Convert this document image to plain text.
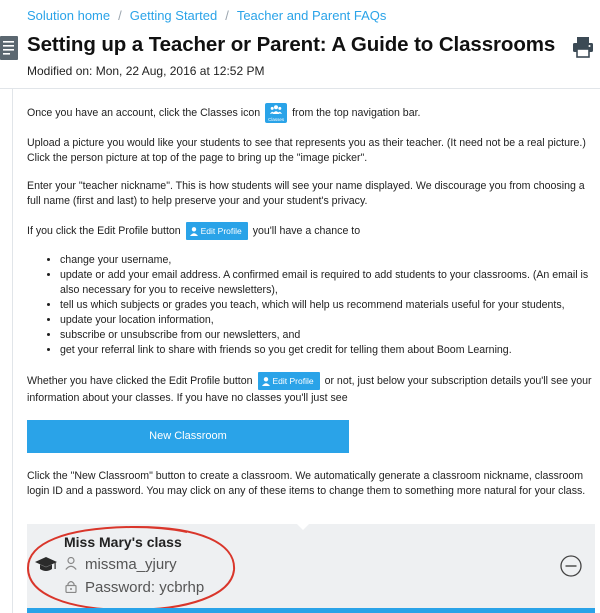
Solution home / Getting Started / Teacher and Parent FAQs
Setting up a Teacher or Parent: A Guide to Classrooms
Modified on: Mon, 22 Aug, 2016 at 12:52 PM

Once you have an account, click the Classes icon
Classes
from the top navigation bar.

Upload a picture you would like your students to see that represents you as their teacher. (It need not be a real picture.) Click the person picture at top of the page to bring up the "image picker".

Enter your "teacher nickname". This is how students will see your name displayed. We discourage you from choosing a full name (first and last) to help preserve your and your student's privacy.

If you click the Edit Profile button Edit Profile you'll have a chance to

• change your username,
• update or add your email address. A confirmed email is required to add students to your classrooms. (An email is also necessary for you to receive newsletters),
• tell us which subjects or grades you teach, which will help us recommend materials useful for your students,
• update your location information,
• subscribe or unsubscribe from our newsletters, and
• get your referral link to share with friends so you get credit for telling them about Boom Learning.

Whether you have clicked the Edit Profile button Edit Profile or not, just below your subscription details you'll see your information about your classes. If you have no classes you'll just see

New Classroom

Click the "New Classroom" button to create a classroom. We automatically generate a classroom nickname, classroom login ID and a password. You may click on any of these items to change them to something more natural for your class.

Miss Mary's class
missma_yjury
Password: ycbrhp
